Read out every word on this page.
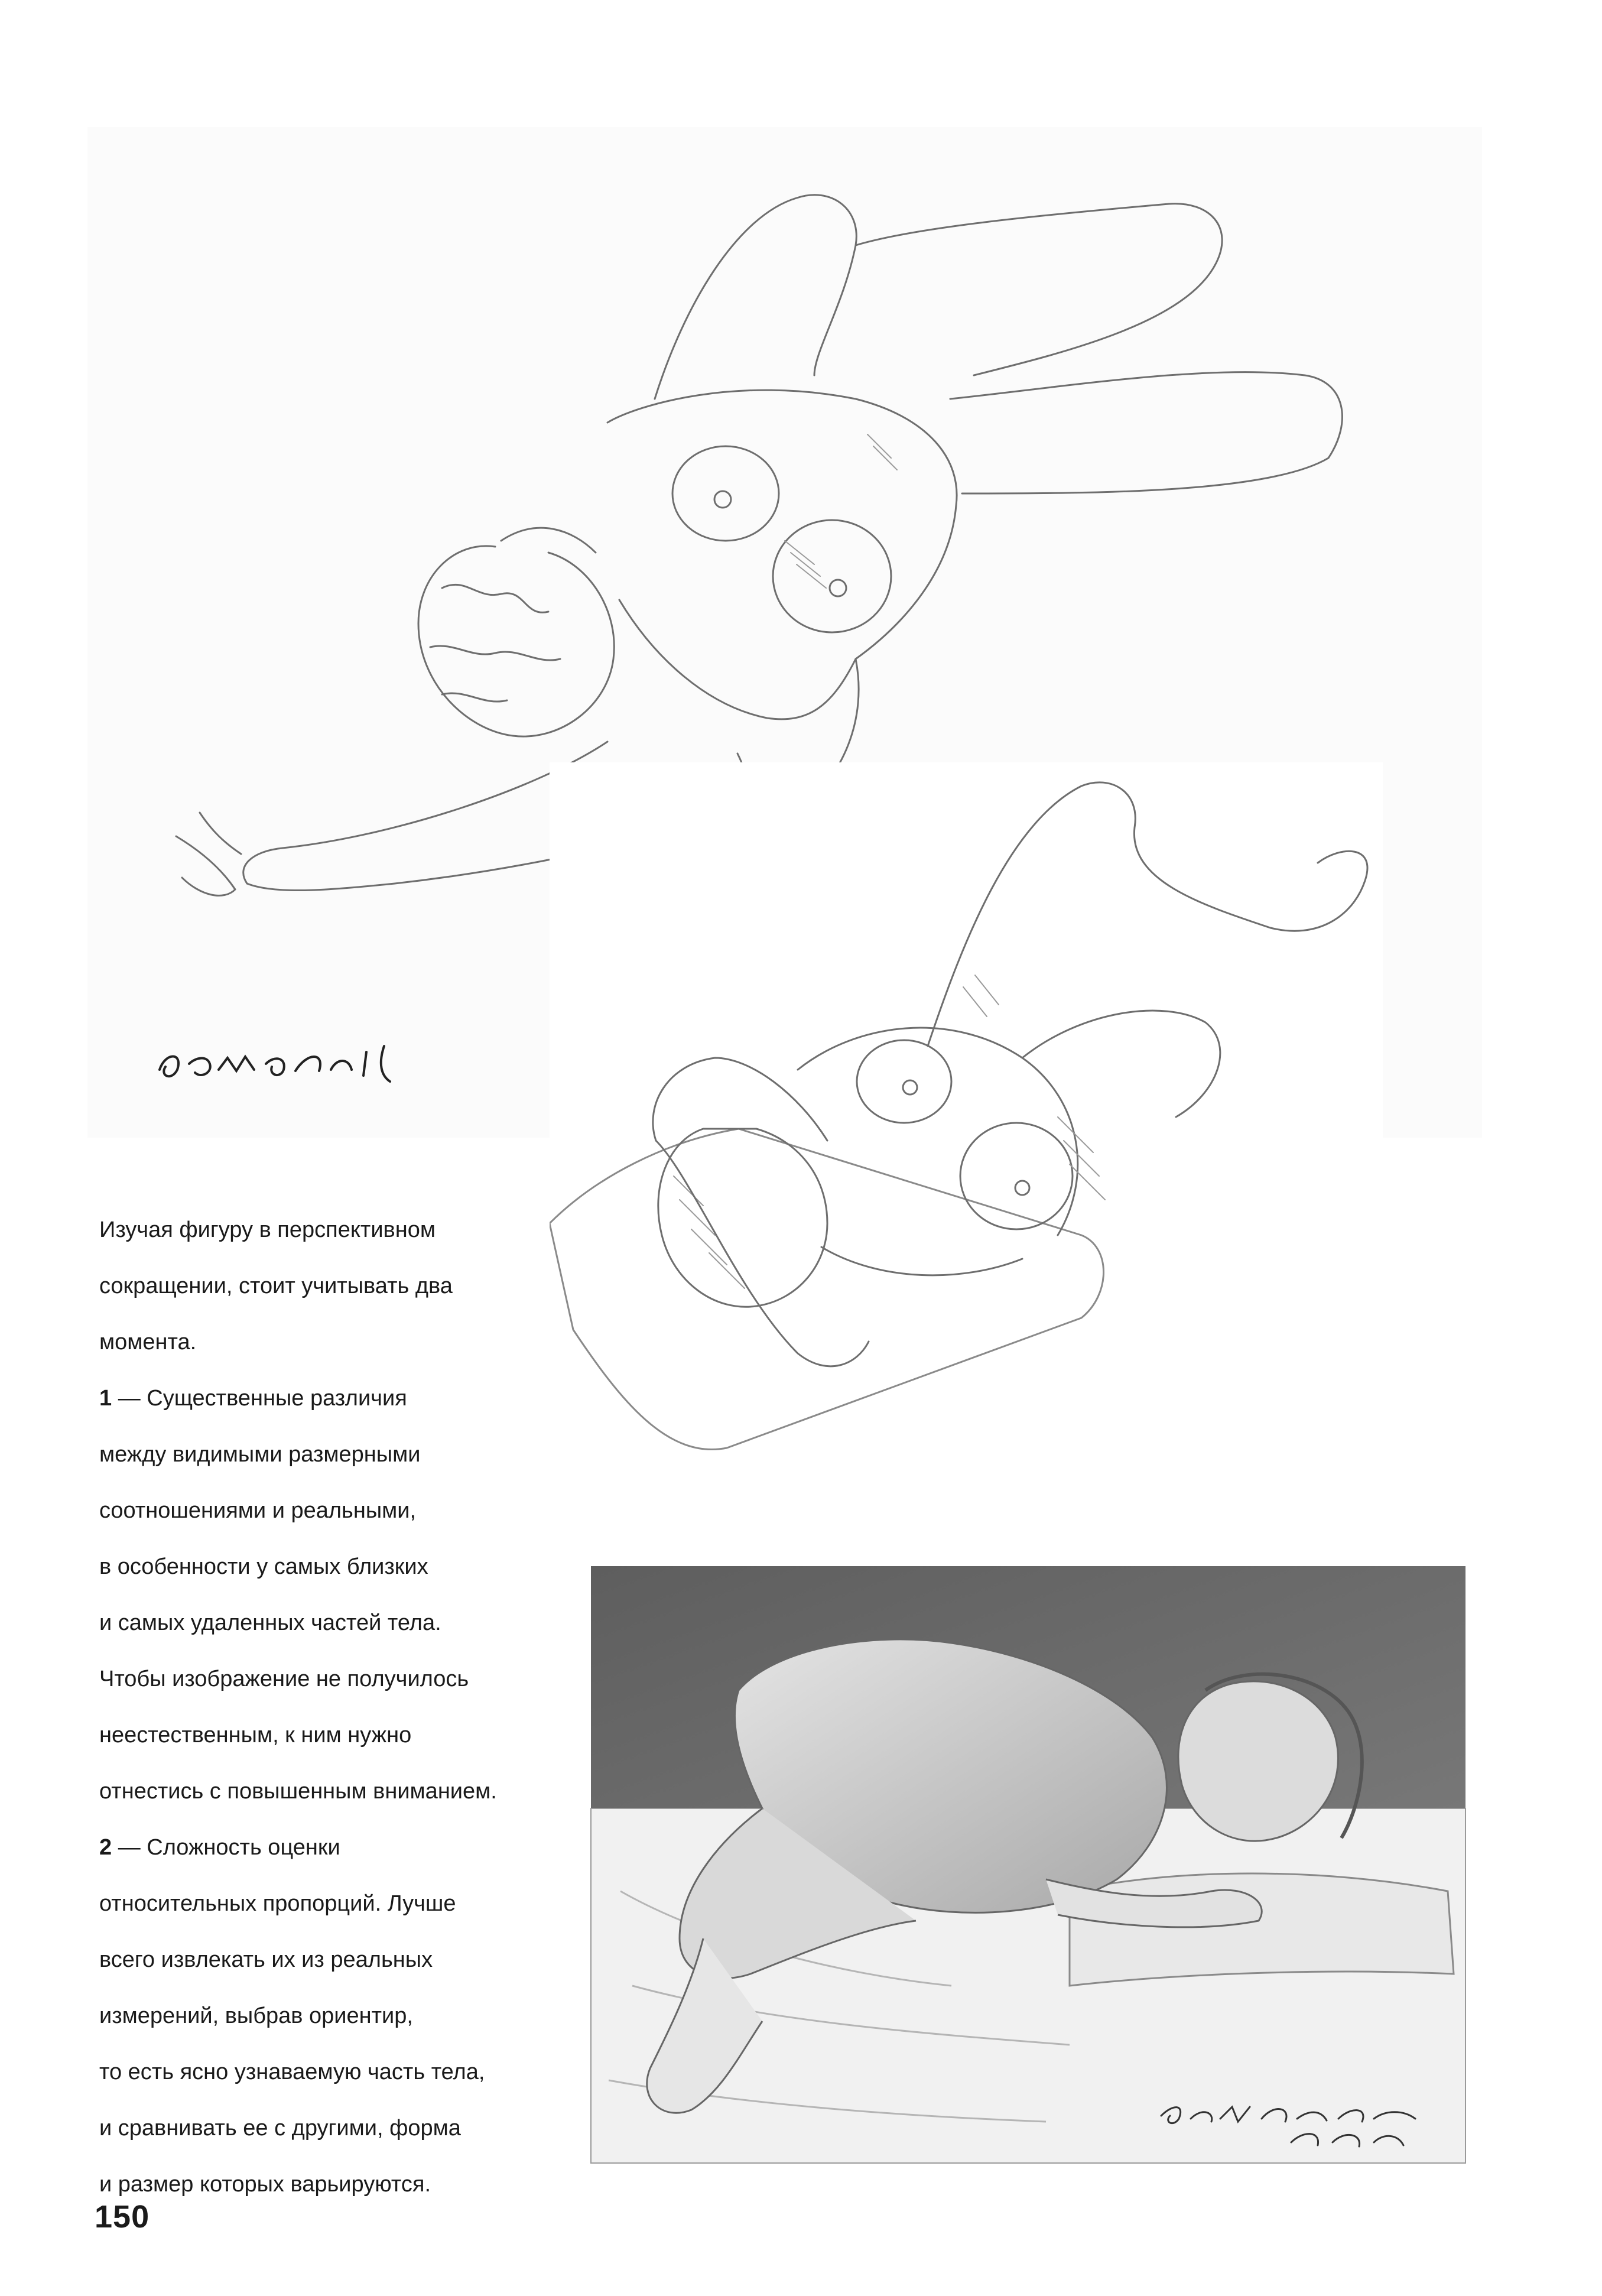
Изучая фигуру в перспективном

сокращении, стоит учитывать два

момента.

1 — Существенные различия

между видимыми размерными

соотношениями и реальными,

в особенности у самых близких

и самых удаленных частей тела.

Чтобы изображение не получилось

неестественным, к ним нужно

отнестись с повышенным вниманием.

2 — Сложность оценки

относительных пропорций. Лучше

всего извлекать их из реальных

измерений, выбрав ориентир,

то есть ясно узнаваемую часть тела,

и сравнивать ее с другими, форма

и размер которых варьируются.

150
